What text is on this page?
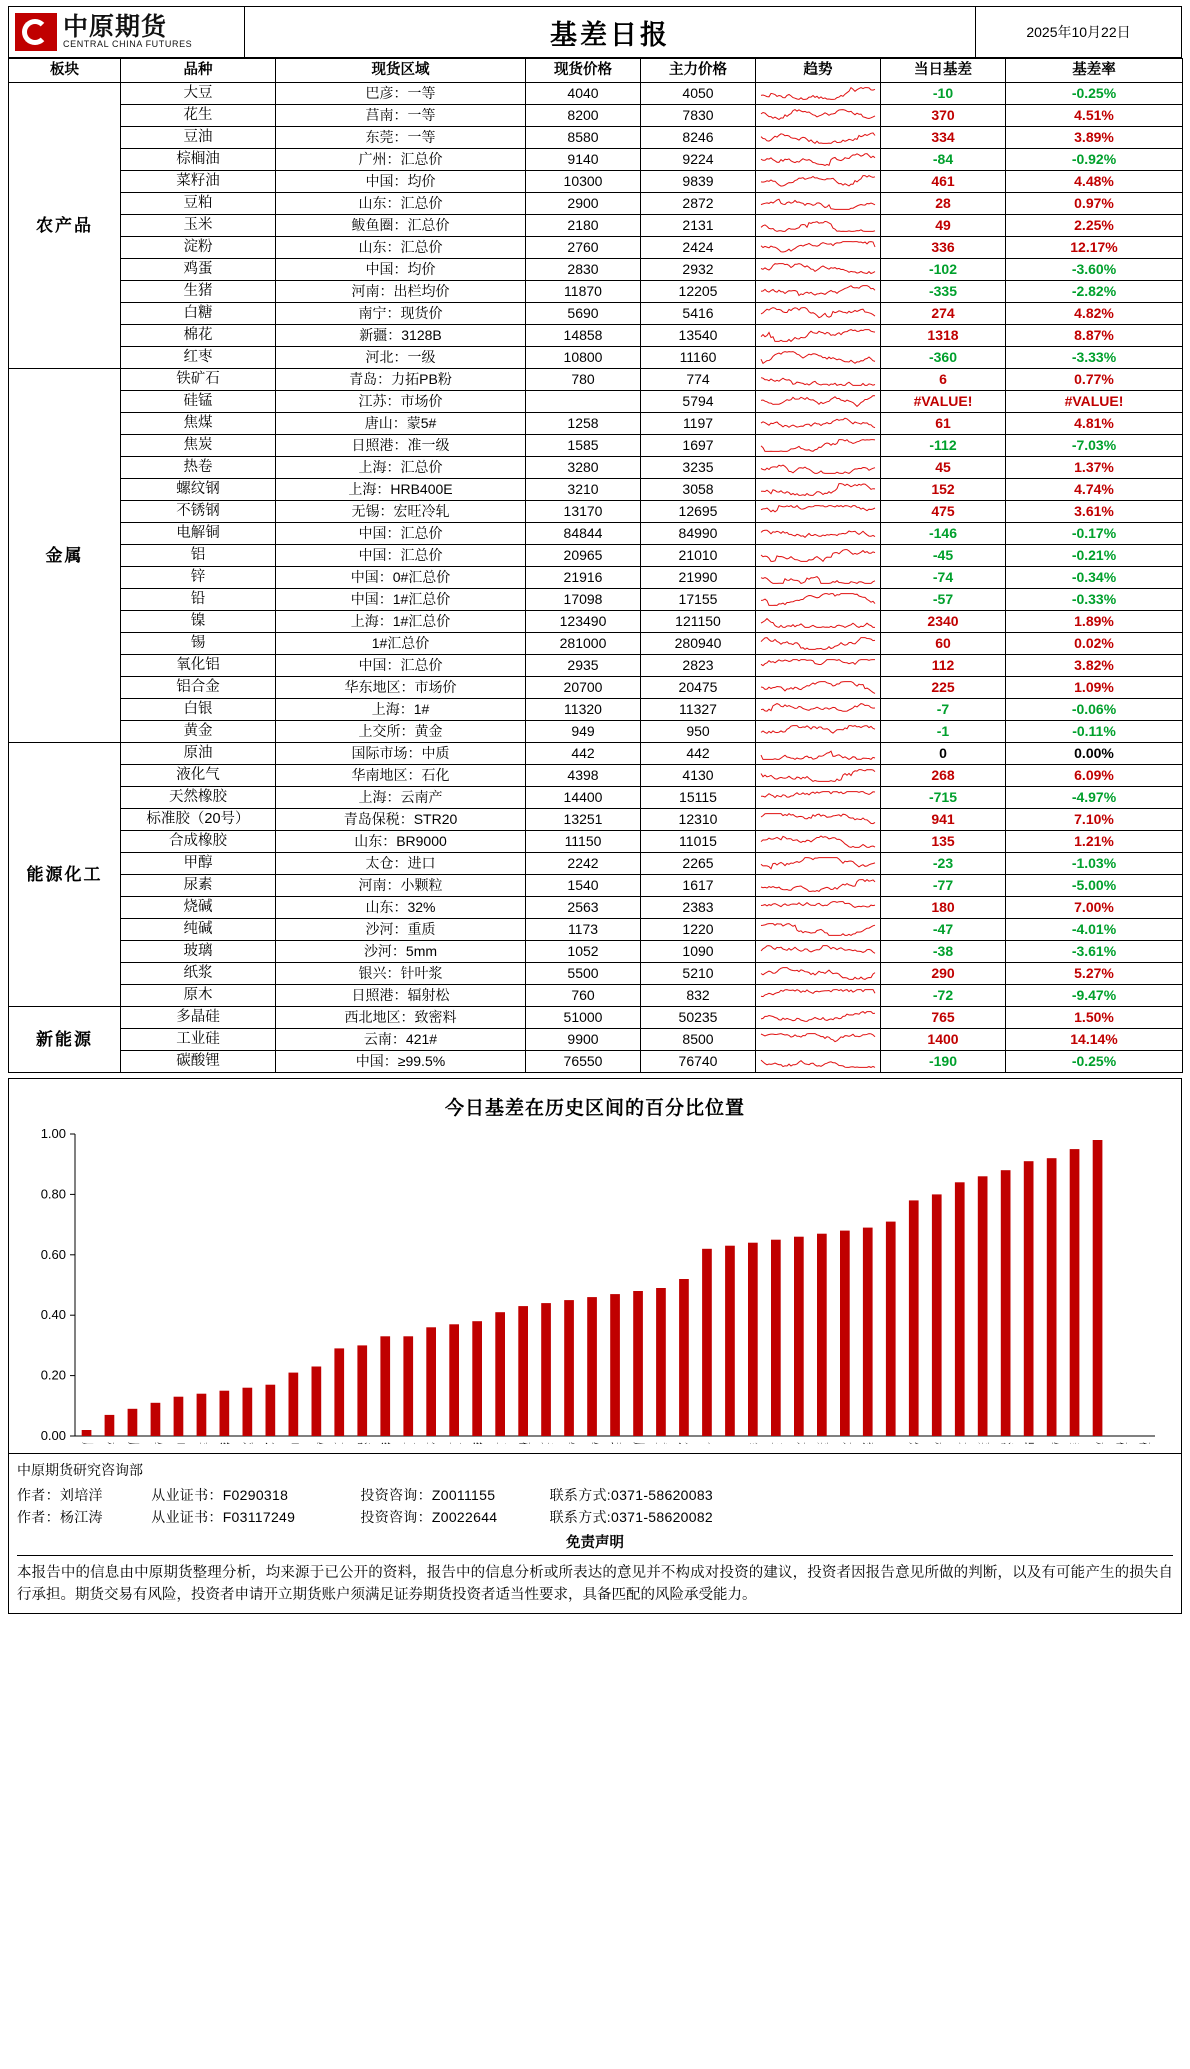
中原期货
CENTRAL CHINA FUTURES	基差日报	2025年10月22日
板块	品种	现货区域	现货价格	主力价格	趋势	当日基差	基差率
农产品	大豆	巴彦：一等	4040	4050		-10	-0.25%
	花生	莒南：一等	8200	7830		370	4.51%
	豆油	东莞：一等	8580	8246		334	3.89%
	棕榈油	广州：汇总价	9140	9224		-84	-0.92%
	菜籽油	中国：均价	10300	9839		461	4.48%
	豆粕	山东：汇总价	2900	2872		28	0.97%
	玉米	鲅鱼圈：汇总价	2180	2131		49	2.25%
	淀粉	山东：汇总价	2760	2424		336	12.17%
	鸡蛋	中国：均价	2830	2932		-102	-3.60%
	生猪	河南：出栏均价	11870	12205		-335	-2.82%
	白糖	南宁：现货价	5690	5416		274	4.82%
	棉花	新疆：3128B	14858	13540		1318	8.87%
	红枣	河北：一级	10800	11160		-360	-3.33%
金属	铁矿石	青岛：力拓PB粉	780	774		6	0.77%
	硅锰	江苏：市场价		5794		#VALUE!	#VALUE!
	焦煤	唐山：蒙5#	1258	1197		61	4.81%
	焦炭	日照港：准一级	1585	1697		-112	-7.03%
	热卷	上海：汇总价	3280	3235		45	1.37%
	螺纹钢	上海：HRB400E	3210	3058		152	4.74%
	不锈钢	无锡：宏旺冷轧	13170	12695		475	3.61%
	电解铜	中国：汇总价	84844	84990		-146	-0.17%
	铝	中国：汇总价	20965	21010		-45	-0.21%
	锌	中国：0#汇总价	21916	21990		-74	-0.34%
	铅	中国：1#汇总价	17098	17155		-57	-0.33%
	镍	上海：1#汇总价	123490	121150		2340	1.89%
	锡	1#汇总价	281000	280940		60	0.02%
	氧化铝	中国：汇总价	2935	2823		112	3.82%
	铝合金	华东地区：市场价	20700	20475		225	1.09%
	白银	上海：1#	11320	11327		-7	-0.06%
	黄金	上交所：黄金	949	950		-1	-0.11%
能源化工	原油	国际市场：中质	442	442		0	0.00%
	液化气	华南地区：石化	4398	4130		268	6.09%
	天然橡胶	上海：云南产	14400	15115		-715	-4.97%
	标准胶（20号）	青岛保税：STR20	13251	12310		941	7.10%
	合成橡胶	山东：BR9000	11150	11015		135	1.21%
	甲醇	太仓：进口	2242	2265		-23	-1.03%
	尿素	河南：小颗粒	1540	1617		-77	-5.00%
	烧碱	山东：32%	2563	2383		180	7.00%
	纯碱	沙河：重质	1173	1220		-47	-4.01%
	玻璃	沙河：5mm	1052	1090		-38	-3.61%
	纸浆	银兴：针叶浆	5500	5210		290	5.27%
	原木	日照港：辐射松	760	832		-72	-9.47%
新能源	多晶硅	西北地区：致密料	51000	50235		765	1.50%
	工业硅	云南：421#	9900	8500		1400	14.14%
	碳酸锂	中国：≥99.5%	76550	76740		-190	-0.25%
今日基差在历史区间的百分比位置
0.00
0.20
0.40
0.60
0.80
1.00
中原期货研究咨询部
作者：刘培洋	从业证书：F0290318	投资咨询：Z0011155	联系方式:0371-58620083
作者：杨江涛	从业证书：F03117249	投资咨询：Z0022644	联系方式:0371-58620082
免责声明
本报告中的信息由中原期货整理分析，均来源于已公开的资料，报告中的信息分析或所表达的意见并不构成对投资的建议，投资者因报告意见所做的判断，以及有可能产生的损失自行承担。期货交易有风险，投资者申请开立期货账户须满足证券期货投资者适当性要求，具备匹配的风险承受能力。
